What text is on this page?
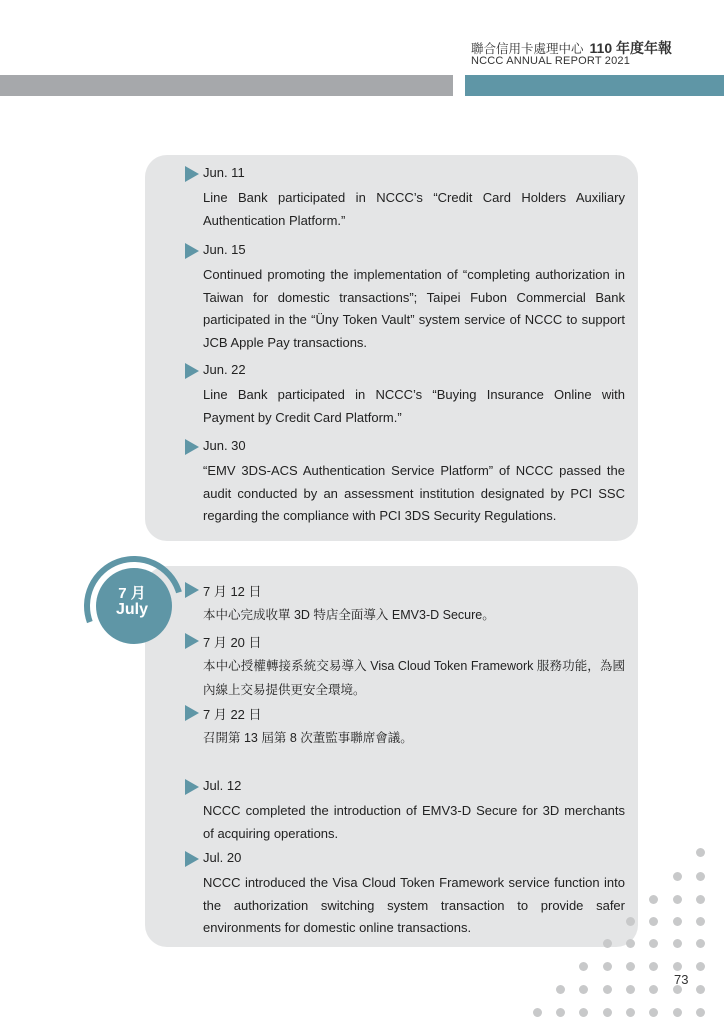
聯合信用卡處理中心 110 年度年報
NCCC ANNUAL REPORT 2021
Jun. 11
Line Bank participated in NCCC’s “Credit Card Holders Auxiliary Authentication Platform.”
Jun. 15
Continued promoting the implementation of “completing authorization in Taiwan for domestic transactions”; Taipei Fubon Commercial Bank participated in the “Üny Token Vault” system service of NCCC to support JCB Apple Pay transactions.
Jun. 22
Line Bank participated in NCCC’s “Buying Insurance Online with Payment by Credit Card Platform.”
Jun. 30
“EMV 3DS-ACS Authentication Service Platform” of NCCC passed the audit conducted by an assessment institution designated by PCI SSC regarding the compliance with PCI 3DS Security Regulations.
7 月 12 日
本中心完成收單 3D 特店全面導入 EMV3-D Secure。
7 月 20 日
本中心授權轉接系統交易導入 Visa Cloud Token Framework 服務功能，為國內線上交易提供更安全環境。
7 月 22 日
召開第 13 屆第 8 次董監事聯席會議。
Jul. 12
NCCC completed the introduction of EMV3-D Secure for 3D merchants of acquiring operations.
Jul. 20
NCCC introduced the Visa Cloud Token Framework service function into the authorization switching system transaction to provide safer environments for domestic online transactions.
7 月
July
73
